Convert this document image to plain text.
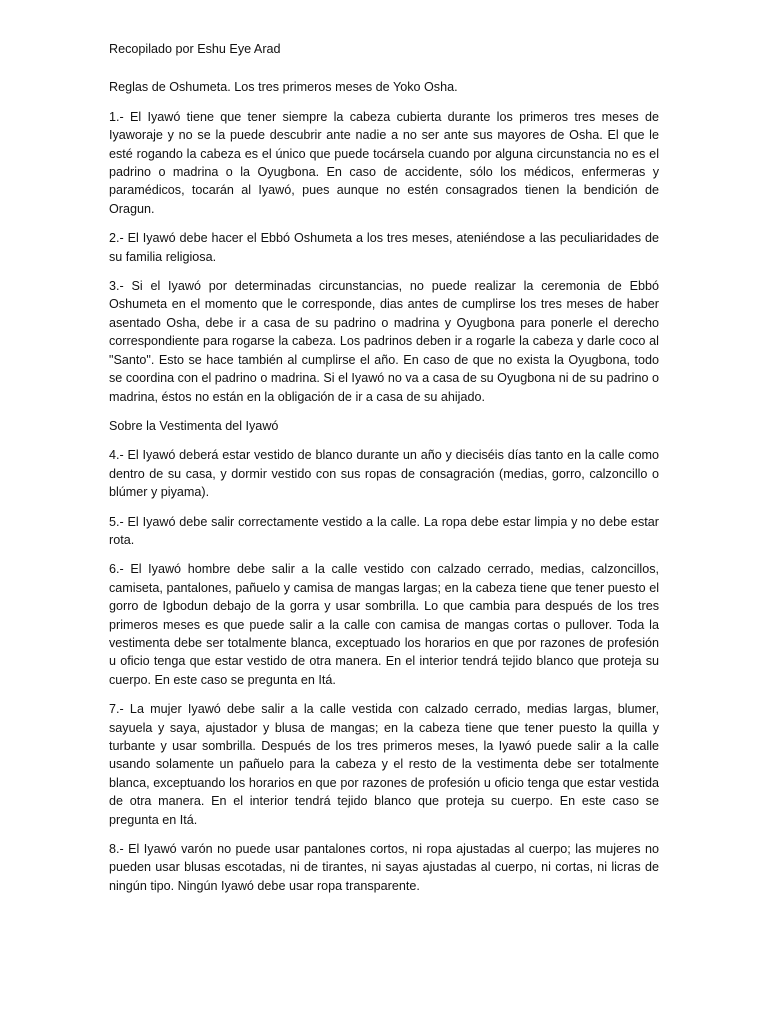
Recopilado por Eshu Eye Arad
Reglas de Oshumeta. Los tres primeros meses de Yoko Osha.

1.- El Iyawó tiene que tener siempre la cabeza cubierta durante los primeros tres meses de Iyaworaje y no se la puede descubrir ante nadie a no ser ante sus mayores de Osha. El que le esté rogando la cabeza es el único que puede tocársela cuando por alguna circunstancia no es el padrino o madrina o la Oyugbona. En caso de accidente, sólo los médicos, enfermeras y paramédicos, tocarán al Iyawó, pues aunque no estén consagrados tienen la bendición de Oragun.

2.- El Iyawó debe hacer el Ebbó Oshumeta a los tres meses, ateniéndose a las peculiaridades de su familia religiosa.

3.- Si el Iyawó por determinadas circunstancias, no puede realizar la ceremonia de Ebbó Oshumeta en el momento que le corresponde, dias antes de cumplirse los tres meses de haber asentado Osha, debe ir a casa de su padrino o madrina y Oyugbona para ponerle el derecho correspondiente para rogarse la cabeza. Los padrinos deben ir a rogarle la cabeza y darle coco al "Santo". Esto se hace también al cumplirse el año. En caso de que no exista la Oyugbona, todo se coordina con el padrino o madrina. Si el Iyawó no va a casa de su Oyugbona ni de su padrino o madrina, éstos no están en la obligación de ir a casa de su ahijado.

Sobre la Vestimenta del Iyawó

4.- El Iyawó deberá estar vestido de blanco durante un año y dieciséis días tanto en la calle como dentro de su casa, y dormir vestido con sus ropas de consagración (medias, gorro, calzoncillo o blúmer y piyama).

5.- El Iyawó debe salir correctamente vestido a la calle. La ropa debe estar limpia y no debe estar rota.

6.- El Iyawó hombre debe salir a la calle vestido con calzado cerrado, medias, calzoncillos, camiseta, pantalones, pañuelo y camisa de mangas largas; en la cabeza tiene que tener puesto el gorro de Igbodun debajo de la gorra y usar sombrilla. Lo que cambia para después de los tres primeros meses es que puede salir a la calle con camisa de mangas cortas o pullover. Toda la vestimenta debe ser totalmente blanca, exceptuado los horarios en que por razones de profesión u oficio tenga que estar vestido de otra manera. En el interior tendrá tejido blanco que proteja su cuerpo. En este caso se pregunta en Itá.

7.- La mujer Iyawó debe salir a la calle vestida con calzado cerrado, medias largas, blumer, sayuela y saya, ajustador y blusa de mangas; en la cabeza tiene que tener puesto la quilla y turbante y usar sombrilla. Después de los tres primeros meses, la Iyawó puede salir a la calle usando solamente un pañuelo para la cabeza y el resto de la vestimenta debe ser totalmente blanca, exceptuando los horarios en que por razones de profesión u oficio tenga que estar vestida de otra manera. En el interior tendrá tejido blanco que proteja su cuerpo. En este caso se pregunta en Itá.

8.- El Iyawó varón no puede usar pantalones cortos, ni ropa ajustadas al cuerpo; las mujeres no pueden usar blusas escotadas, ni de tirantes, ni sayas ajustadas al cuerpo, ni cortas, ni licras de ningún tipo. Ningún Iyawó debe usar ropa transparente.
